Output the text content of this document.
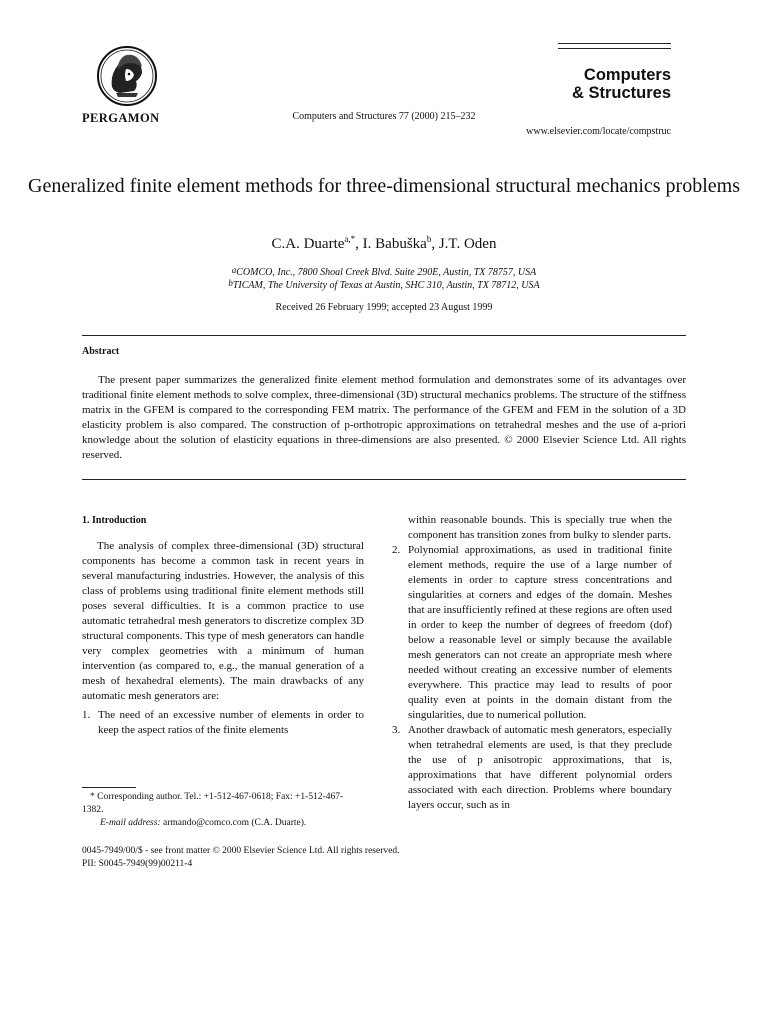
PERGAMON	Computers and Structures 77 (2000) 215–232
Computers
& Structures
www.elsevier.com/locate/compstruc
Generalized finite element methods for three-dimensional structural mechanics problems
C.A. Duarte$^{a,*}$, I. Babuška$^b$, J.T. Oden
aCOMCO, Inc., 7800 Shoal Creek Blvd. Suite 290E, Austin, TX 78757, USA
bTICAM, The University of Texas at Austin, SHC 310, Austin, TX 78712, USA
Received 26 February 1999; accepted 23 August 1999
Abstract

The present paper summarizes the generalized finite element method formulation and demonstrates some of its advantages over traditional finite element methods to solve complex, three-dimensional (3D) structural mechanics problems. The structure of the stiffness matrix in the GFEM is compared to the corresponding FEM matrix. The performance of the GFEM and FEM in the solution of a 3D elasticity problem is also compared. The construction of p-orthotropic approximations on tetrahedral meshes and the use of a-priori knowledge about the solution of elasticity equations in three-dimensions are also presented. © 2000 Elsevier Science Ltd. All rights reserved.

1. Introduction

The analysis of complex three-dimensional (3D) structural components has become a common task in recent years in several manufacturing industries. However, the analysis of this class of problems using traditional finite element methods still poses several difficulties. It is a common practice to use automatic tetrahedral mesh generators to discretize complex 3D structural components. This type of mesh generators can handle very complex geometries with a minimum of human intervention (as compared to, e.g., the manual generation of a mesh of hexahedral elements). The main drawbacks of any automatic mesh generators are:

1. The need of an excessive number of elements in order to keep the aspect ratios of the finite elements

within reasonable bounds. This is specially true when the component has transition zones from bulky to slender parts.

2. Polynomial approximations, as used in traditional finite element methods, require the use of a large number of elements in order to capture stress concentrations and singularities at corners and edges of the domain. Meshes that are insufficiently refined at these regions are often used in order to keep the number of degrees of freedom (dof) below a reasonable level or simply because the available mesh generators can not create an appropriate mesh where needed without creating an excessive number of elements everywhere. This practice may lead to results of poor quality even at points in the domain distant from the singularities, due to numerical pollution.
3. Another drawback of automatic mesh generators, especially when tetrahedral elements are used, is that they preclude the use of p anisotropic approximations, that is, approximations that have different polynomial orders associated with each direction. Problems where boundary layers occur, such as in
* Corresponding author. Tel.: +1-512-467-0618; Fax: +1-512-467-1382.
E-mail address: armando@comco.com (C.A. Duarte).
0045-7949/00/$ - see front matter © 2000 Elsevier Science Ltd. All rights reserved.
PII: S0045-7949(99)00211-4
